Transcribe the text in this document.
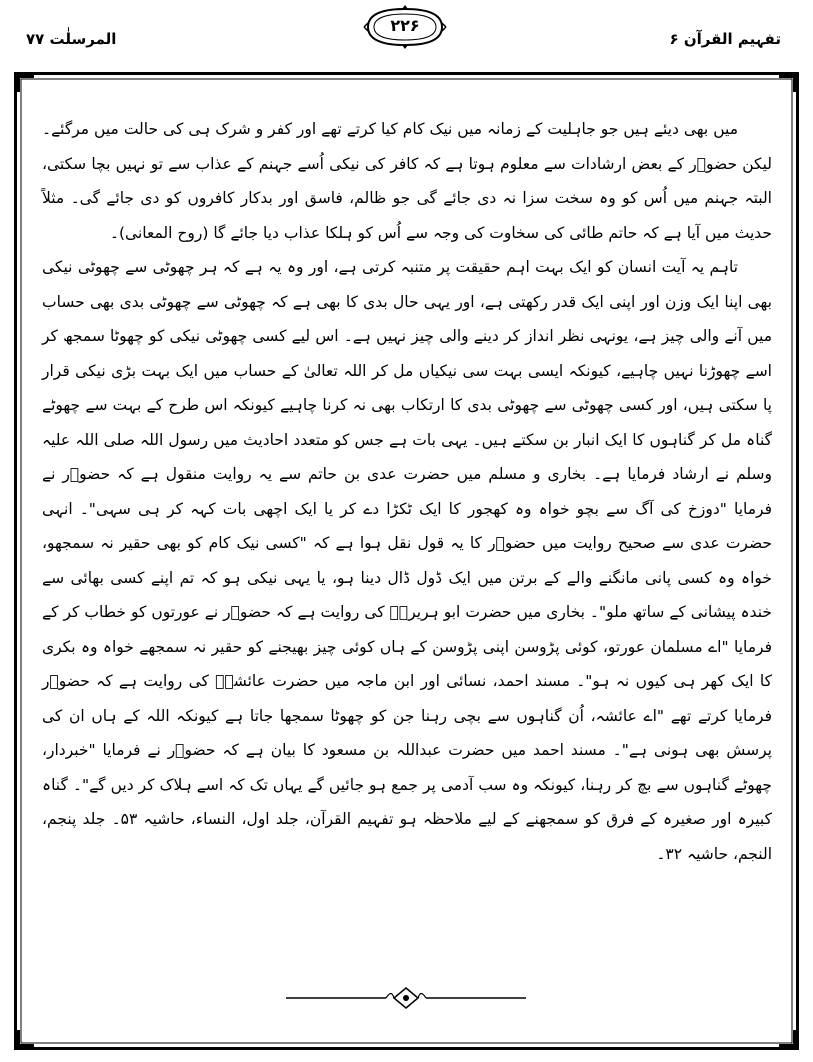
المرسلٰت ۷۷
۲۲۶
تفہیم القرآن ۶

میں بھی دیئے ہیں جو جاہلیت کے زمانہ میں نیک کام کیا کرتے تھے اور کفر و شرک ہی کی حالت میں مرگئے۔ لیکن حضوؐر کے بعض ارشادات سے معلوم ہوتا ہے کہ کافر کی نیکی اُسے جہنم کے عذاب سے تو نہیں بچا سکتی، البتہ جہنم میں اُس کو وہ سخت سزا نہ دی جائے گی جو ظالم، فاسق اور بدکار کافروں کو دی جائے گی۔ مثلاً حدیث میں آیا ہے کہ حاتم طائی کی سخاوت کی وجہ سے اُس کو ہلکا عذاب دیا جائے گا (روح المعانی)۔

تاہم یہ آیت انسان کو ایک بہت اہم حقیقت پر متنبہ کرتی ہے، اور وہ یہ ہے کہ ہر چھوٹی سے چھوٹی نیکی بھی اپنا ایک وزن اور اپنی ایک قدر رکھتی ہے، اور یہی حال بدی کا بھی ہے کہ چھوٹی سے چھوٹی بدی بھی حساب میں آنے والی چیز ہے، یونہی نظر انداز کر دینے والی چیز نہیں ہے۔ اس لیے کسی چھوٹی نیکی کو چھوٹا سمجھ کر اسے چھوڑنا نہیں چاہیے، کیونکہ ایسی بہت سی نیکیاں مل کر اللہ تعالیٰ کے حساب میں ایک بہت بڑی نیکی قرار پا سکتی ہیں، اور کسی چھوٹی سے چھوٹی بدی کا ارتکاب بھی نہ کرنا چاہیے کیونکہ اس طرح کے بہت سے چھوٹے گناہ مل کر گناہوں کا ایک انبار بن سکتے ہیں۔ یہی بات ہے جس کو متعدد احادیث میں رسول اللہ صلی اللہ علیہ وسلم نے ارشاد فرمایا ہے۔ بخاری و مسلم میں حضرت عدی بن حاتم سے یہ روایت منقول ہے کہ حضوؐر نے فرمایا "دوزخ کی آگ سے بچو خواہ وہ کھجور کا ایک ٹکڑا دے کر یا ایک اچھی بات کہہ کر ہی سہی"۔ انہی حضرت عدی سے صحیح روایت میں حضوؐر کا یہ قول نقل ہوا ہے کہ "کسی نیک کام کو بھی حقیر نہ سمجھو، خواہ وہ کسی پانی مانگنے والے کے برتن میں ایک ڈول ڈال دینا ہو، یا یہی نیکی ہو کہ تم اپنے کسی بھائی سے خندہ پیشانی کے ساتھ ملو"۔ بخاری میں حضرت ابو ہریرہؓ کی روایت ہے کہ حضوؐر نے عورتوں کو خطاب کر کے فرمایا "اے مسلمان عورتو، کوئی پڑوسن اپنی پڑوسن کے ہاں کوئی چیز بھیجنے کو حقیر نہ سمجھے خواہ وہ بکری کا ایک کھر ہی کیوں نہ ہو"۔ مسند احمد، نسائی اور ابن ماجہ میں حضرت عائشہؓ کی روایت ہے کہ حضوؐر فرمایا کرتے تھے "اے عائشہ، اُن گناہوں سے بچی رہنا جن کو چھوٹا سمجھا جاتا ہے کیونکہ اللہ کے ہاں ان کی پرسش بھی ہونی ہے"۔ مسند احمد میں حضرت عبداللہ بن مسعود کا بیان ہے کہ حضوؐر نے فرمایا "خبردار، چھوٹے گناہوں سے بچ کر رہنا، کیونکہ وہ سب آدمی پر جمع ہو جائیں گے یہاں تک کہ اسے ہلاک کر دیں گے"۔ گناہ کبیرہ اور صغیرہ کے فرق کو سمجھنے کے لیے ملاحظہ ہو تفہیم القرآن، جلد اول، النساء، حاشیہ ۵۳۔ جلد پنجم، النجم، حاشیہ ۳۲۔
